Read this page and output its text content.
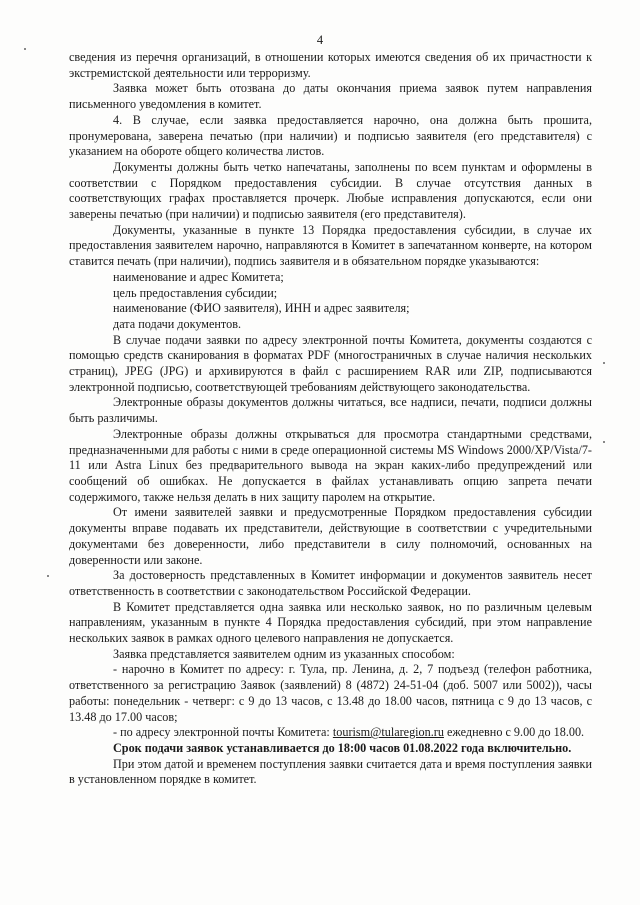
4

сведения из перечня организаций, в отношении которых имеются сведения об их причастности к экстремистской деятельности или терроризму.

Заявка может быть отозвана до даты окончания приема заявок путем направления письменного уведомления в комитет.

4. В случае, если заявка предоставляется нарочно, она должна быть прошита, пронумерована, заверена печатью (при наличии) и подписью заявителя (его представителя) с указанием на обороте общего количества листов.

Документы должны быть четко напечатаны, заполнены по всем пунктам и оформлены в соответствии с Порядком предоставления субсидии. В случае отсутствия данных в соответствующих графах проставляется прочерк. Любые исправления допускаются, если они заверены печатью (при наличии) и подписью заявителя (его представителя).

Документы, указанные в пункте 13 Порядка предоставления субсидии, в случае их предоставления заявителем нарочно, направляются в Комитет в запечатанном конверте, на котором ставится печать (при наличии), подпись заявителя и в обязательном порядке указываются:

наименование и адрес Комитета;

цель предоставления субсидии;

наименование (ФИО заявителя), ИНН и адрес заявителя;

дата подачи документов.

В случае подачи заявки по адресу электронной почты Комитета, документы создаются с помощью средств сканирования в форматах PDF (многостраничных в случае наличия нескольких страниц), JPEG (JPG) и архивируются в файл с расширением RAR или ZIP, подписываются электронной подписью, соответствующей требованиям действующего законодательства.

Электронные образы документов должны читаться, все надписи, печати, подписи должны быть различимы.

Электронные образы должны открываться для просмотра стандартными средствами, предназначенными для работы с ними в среде операционной системы MS Windows 2000/XP/Vista/7-11 или Astra Linux без предварительного вывода на экран каких-либо предупреждений или сообщений об ошибках. Не допускается в файлах устанавливать опцию запрета печати содержимого, также нельзя делать в них защиту паролем на открытие.

От имени заявителей заявки и предусмотренные Порядком предоставления субсидии документы вправе подавать их представители, действующие в соответствии с учредительными документами без доверенности, либо представители в силу полномочий, основанных на доверенности или законе.

За достоверность представленных в Комитет информации и документов заявитель несет ответственность в соответствии с законодательством Российской Федерации.

В Комитет представляется одна заявка или несколько заявок, но по различным целевым направлениям, указанным в пункте 4 Порядка предоставления субсидий, при этом направление нескольких заявок в рамках одного целевого направления не допускается.

Заявка представляется заявителем одним из указанных способом:

- нарочно в Комитет по адресу: г. Тула, пр. Ленина, д. 2, 7 подъезд (телефон работника, ответственного за регистрацию Заявок (заявлений) 8 (4872) 24-51-04 (доб. 5007 или 5002)), часы работы: понедельник - четверг: с 9 до 13 часов, с 13.48 до 18.00 часов, пятница с 9 до 13 часов, с 13.48 до 17.00 часов;

- по адресу электронной почты Комитета: tourism@tularegion.ru ежедневно с 9.00 до 18.00.

Срок подачи заявок устанавливается до 18:00 часов 01.08.2022 года включительно.

При этом датой и временем поступления заявки считается дата и время поступления заявки в установленном порядке в комитет.
